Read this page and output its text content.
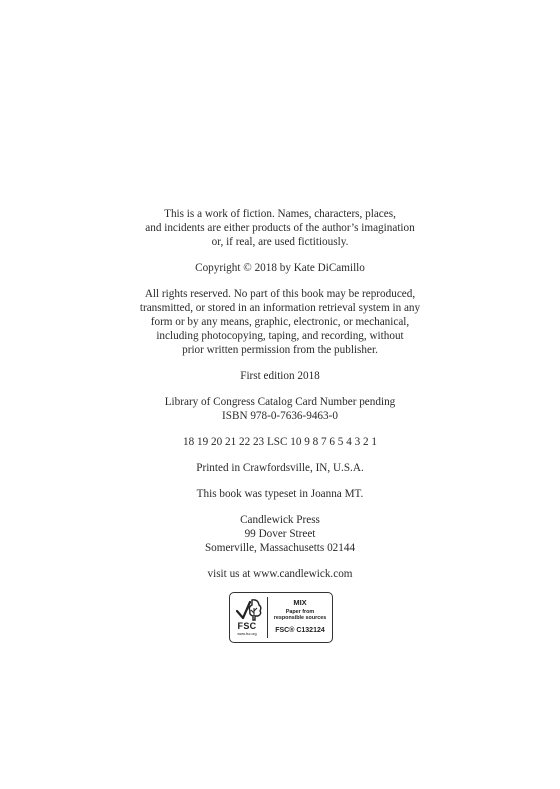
This is a work of fiction. Names, characters, places,
and incidents are either products of the author’s imagination
or, if real, are used fictitiously.
Copyright © 2018 by Kate DiCamillo
All rights reserved. No part of this book may be reproduced,
transmitted, or stored in an information retrieval system in any
form or by any means, graphic, electronic, or mechanical,
including photocopying, taping, and recording, without
prior written permission from the publisher.
First edition 2018
Library of Congress Catalog Card Number pending
ISBN 978-0-7636-9463-0
18 19 20 21 22 23 LSC 10 9 8 7 6 5 4 3 2 1
Printed in Crawfordsville, IN, U.S.A.
This book was typeset in Joanna MT.
Candlewick Press
99 Dover Street
Somerville, Massachusetts 02144
visit us at www.candlewick.com
FSC
www.fsc.org
MIX
Paper from
responsible sources
FSC® C132124
